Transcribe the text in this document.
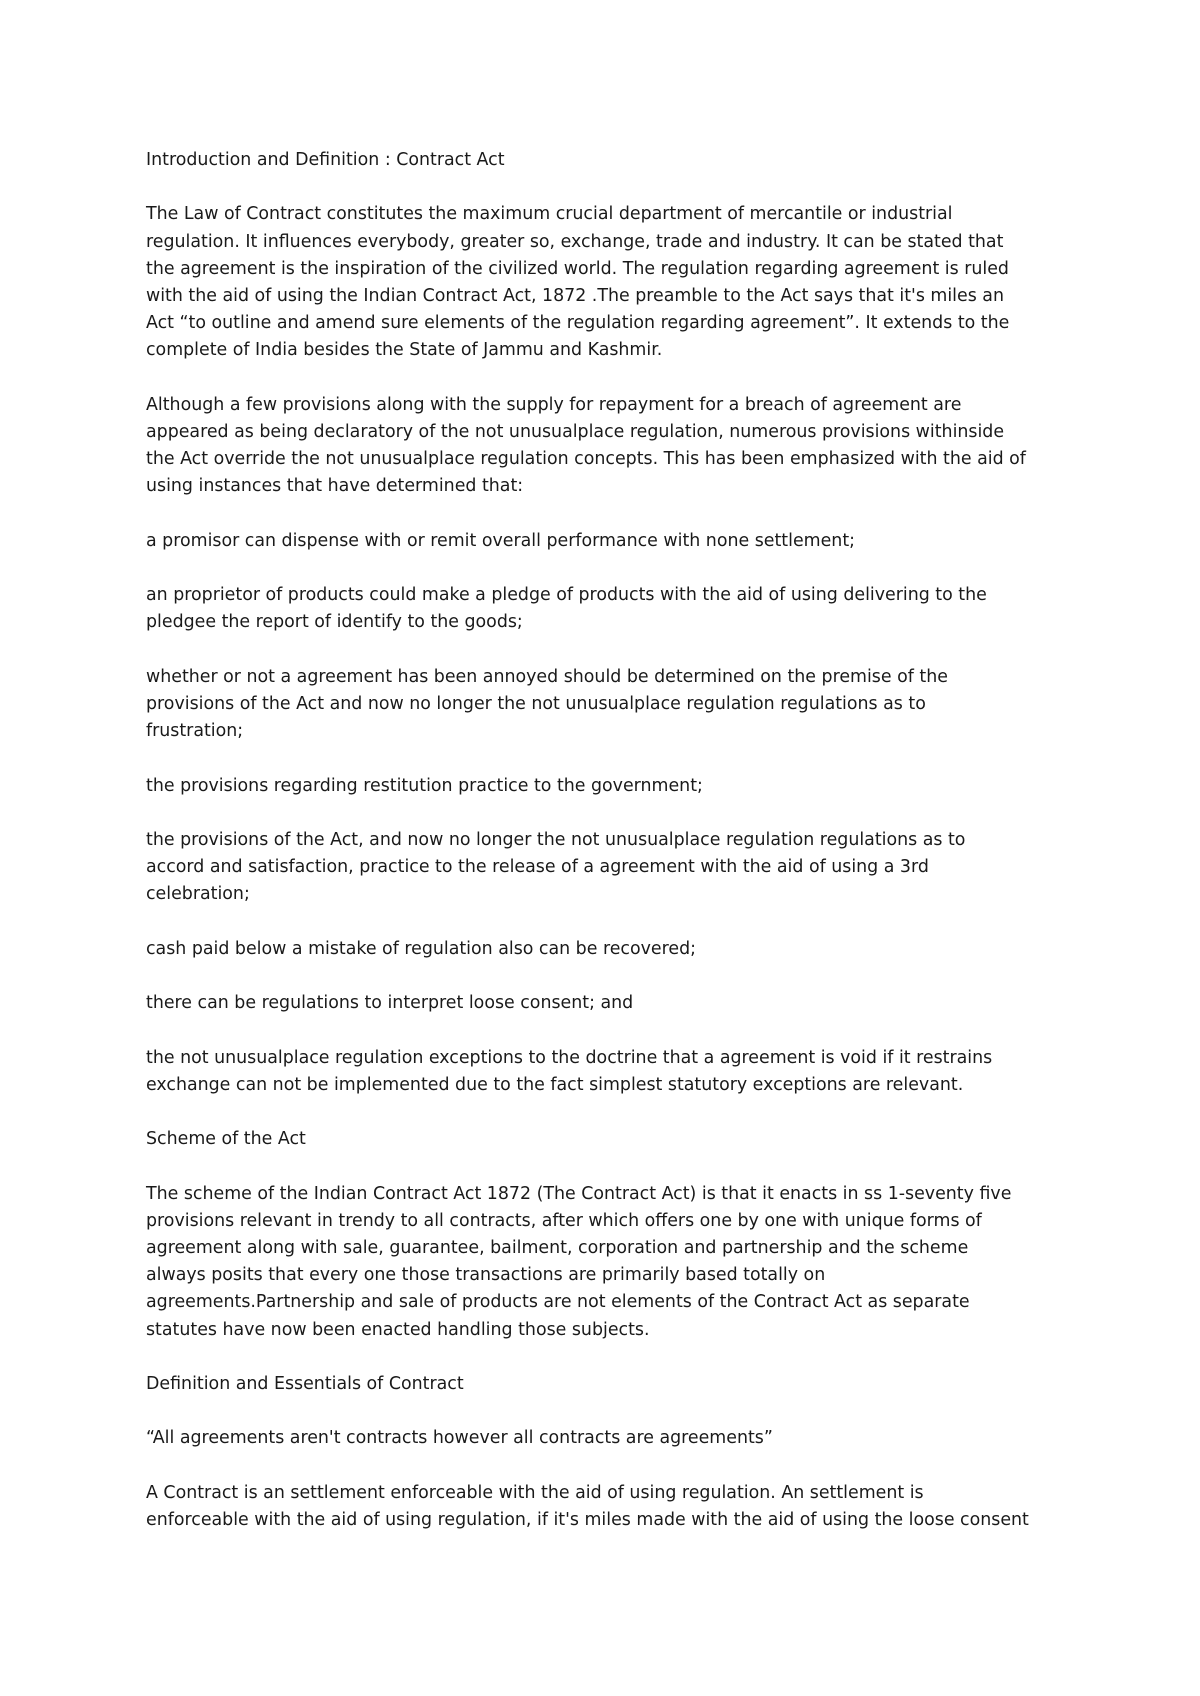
Introduction and Definition : Contract Act

The Law of Contract constitutes the maximum crucial department of mercantile or industrial
regulation. It influences everybody, greater so, exchange, trade and industry. It can be stated that
the agreement is the inspiration of the civilized world. The regulation regarding agreement is ruled
with the aid of using the Indian Contract Act, 1872 .The preamble to the Act says that it's miles an
Act “to outline and amend sure elements of the regulation regarding agreement”. It extends to the
complete of India besides the State of Jammu and Kashmir.

Although a few provisions along with the supply for repayment for a breach of agreement are
appeared as being declaratory of the not unusualplace regulation, numerous provisions withinside
the Act override the not unusualplace regulation concepts. This has been emphasized with the aid of
using instances that have determined that:

a promisor can dispense with or remit overall performance with none settlement;

an proprietor of products could make a pledge of products with the aid of using delivering to the
pledgee the report of identify to the goods;

whether or not a agreement has been annoyed should be determined on the premise of the
provisions of the Act and now no longer the not unusualplace regulation regulations as to
frustration;

the provisions regarding restitution practice to the government;

the provisions of the Act, and now no longer the not unusualplace regulation regulations as to
accord and satisfaction, practice to the release of a agreement with the aid of using a 3rd
celebration;

cash paid below a mistake of regulation also can be recovered;

there can be regulations to interpret loose consent; and

the not unusualplace regulation exceptions to the doctrine that a agreement is void if it restrains
exchange can not be implemented due to the fact simplest statutory exceptions are relevant.

Scheme of the Act

The scheme of the Indian Contract Act 1872 (The Contract Act) is that it enacts in ss 1-seventy five
provisions relevant in trendy to all contracts, after which offers one by one with unique forms of
agreement along with sale, guarantee, bailment, corporation and partnership and the scheme
always posits that every one those transactions are primarily based totally on
agreements.Partnership and sale of products are not elements of the Contract Act as separate
statutes have now been enacted handling those subjects.

Definition and Essentials of Contract

“All agreements aren't contracts however all contracts are agreements”

A Contract is an settlement enforceable with the aid of using regulation. An settlement is
enforceable with the aid of using regulation, if it's miles made with the aid of using the loose consent
